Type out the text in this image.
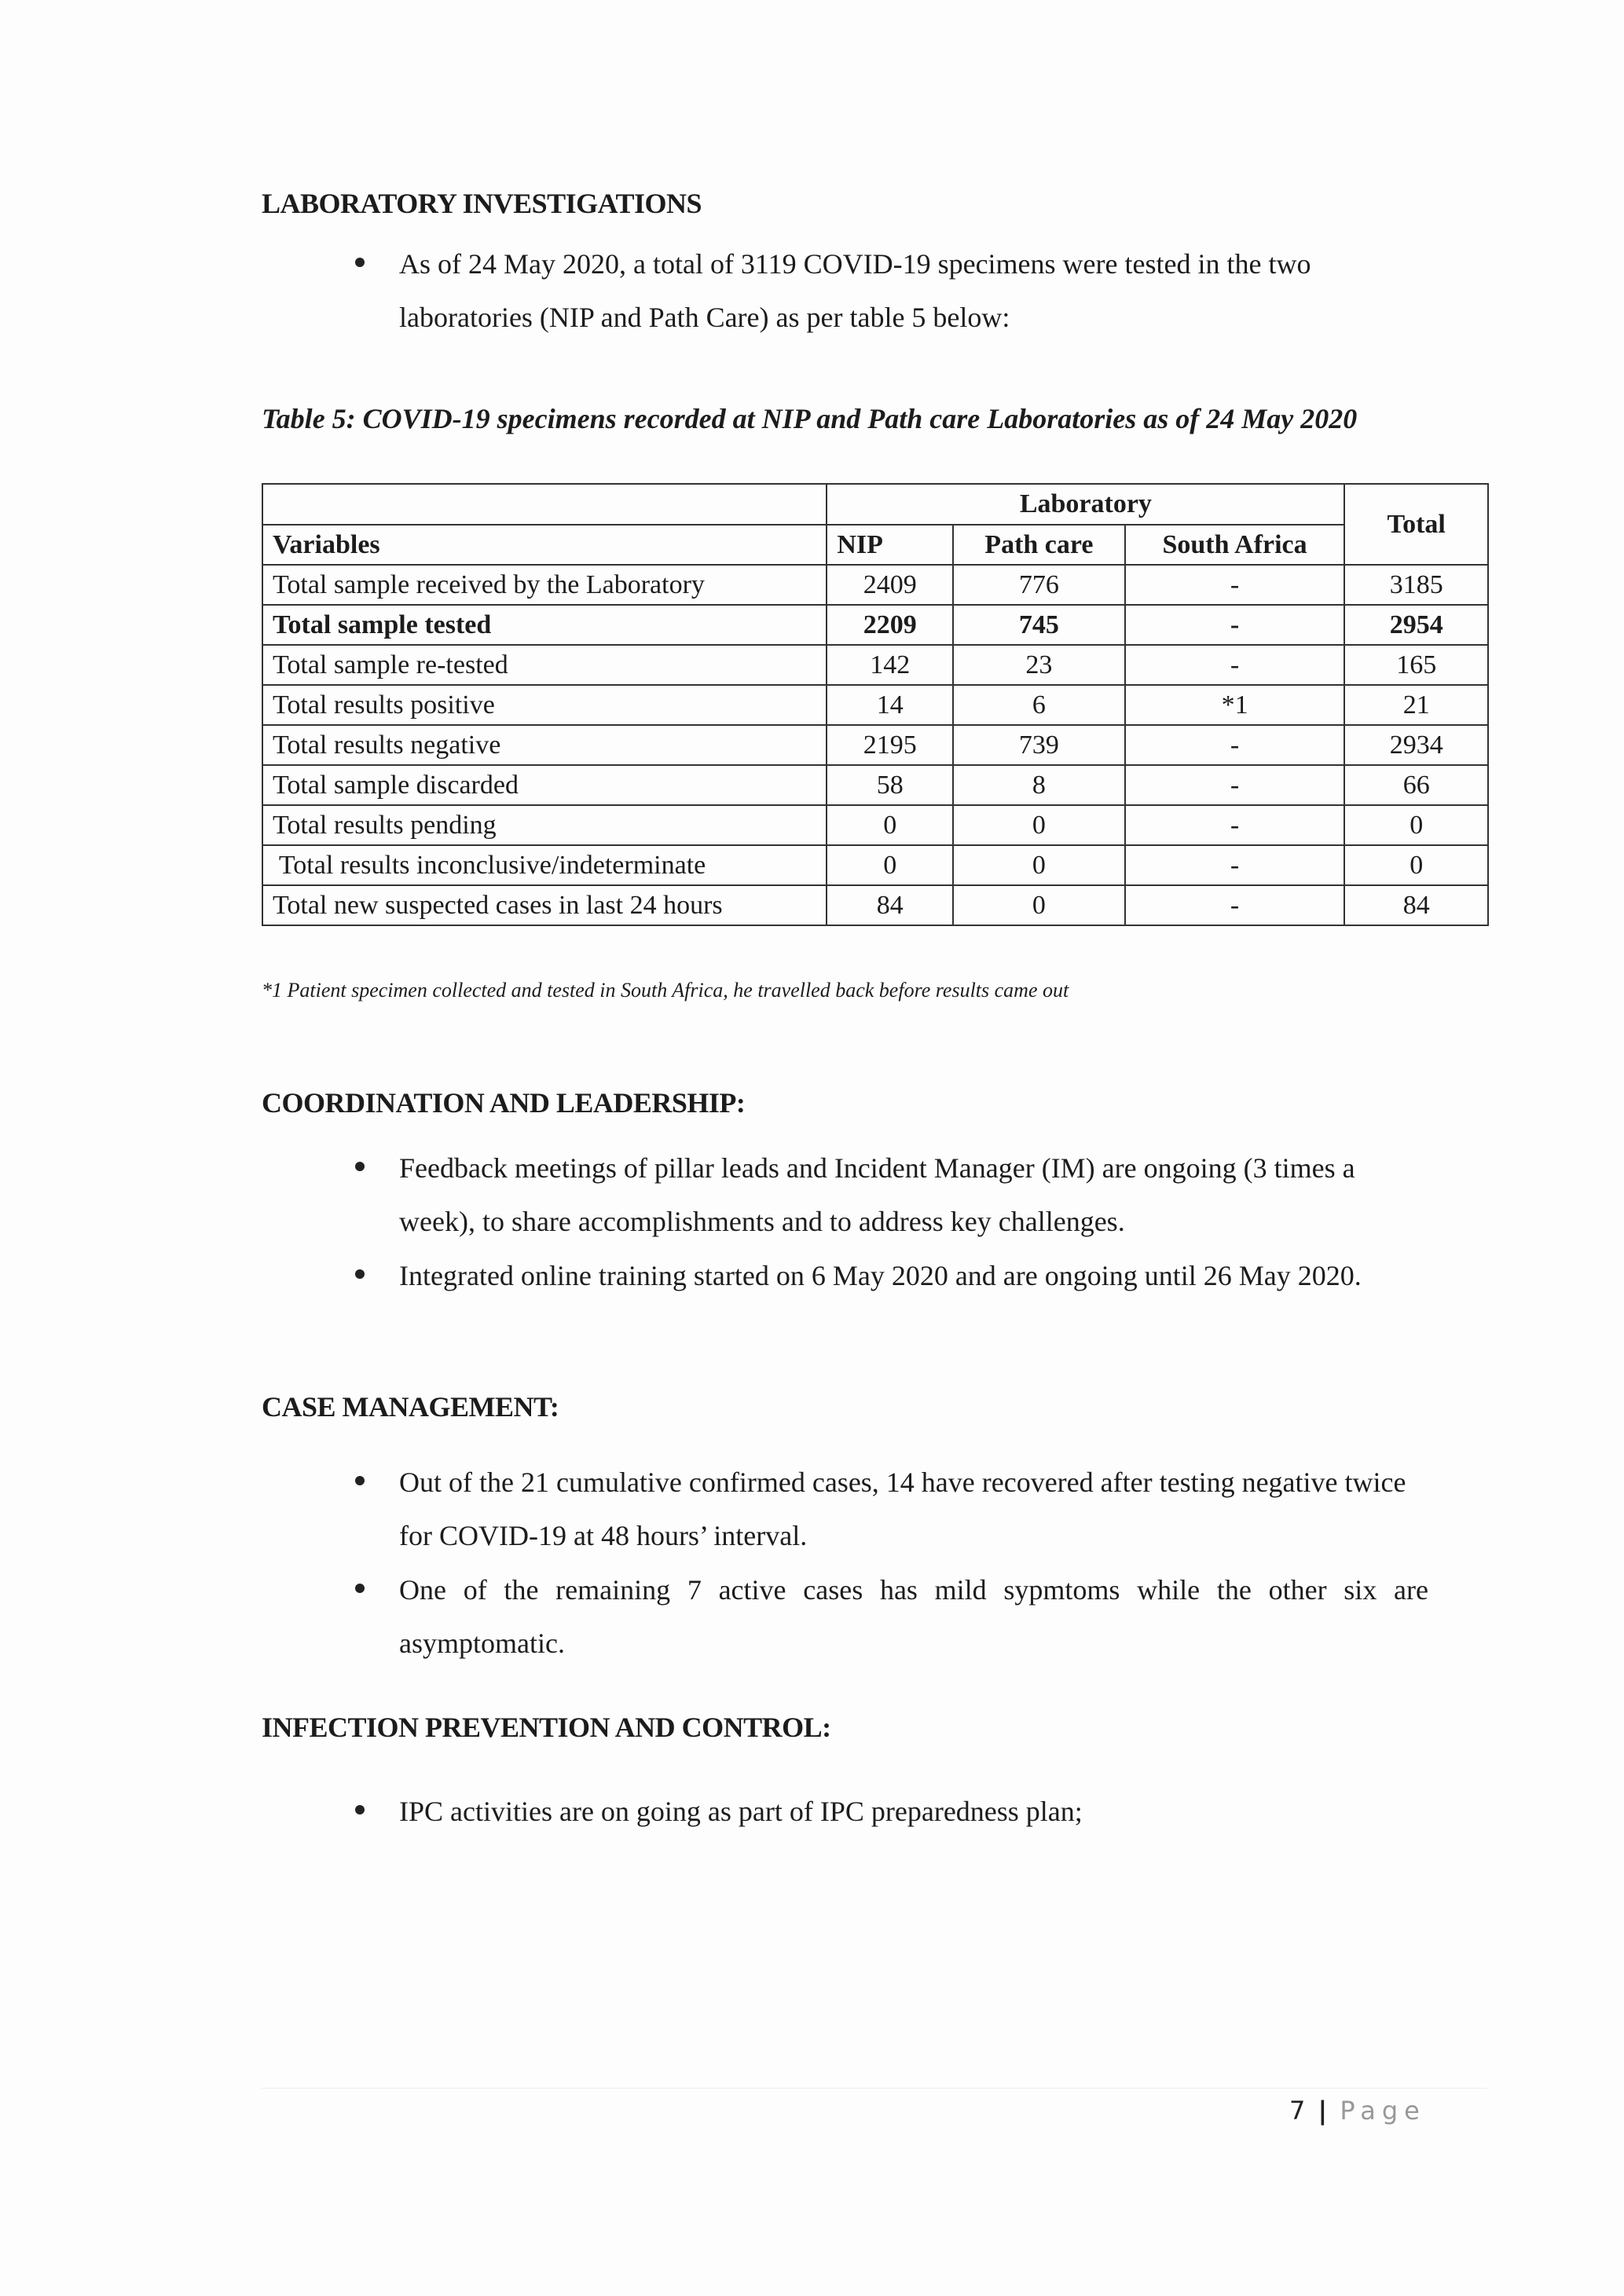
LABORATORY INVESTIGATIONS
As of 24 May 2020, a total of 3119 COVID-19 specimens were tested in the two laboratories (NIP and Path Care) as per table 5 below:
Table 5: COVID-19 specimens recorded at NIP and Path care Laboratories as of 24 May 2020
	Laboratory			Total
Variables	NIP	Path care	South Africa	
Total sample received by the Laboratory	2409	776	-	3185
Total sample tested	2209	745	-	2954
Total sample re-tested	142	23	-	165
Total results positive	14	6	*1	21
Total results negative	2195	739	-	2934
Total sample discarded	58	8	-	66
Total results pending	0	0	-	0
Total results inconclusive/indeterminate	0	0	-	0
Total new suspected cases in last 24 hours	84	0	-	84
*1 Patient specimen collected and tested in South Africa, he travelled back before results came out
COORDINATION AND LEADERSHIP:
Feedback meetings of pillar leads and Incident Manager (IM) are ongoing (3 times a week), to share accomplishments and to address key challenges.
Integrated online training started on 6 May 2020 and are ongoing until 26 May 2020.
CASE MANAGEMENT:
Out of the 21 cumulative confirmed cases, 14 have recovered after testing negative twice for COVID-19 at 48 hours’ interval.
One of the remaining 7 active cases has mild sypmtoms while the other six are asymptomatic.
INFECTION PREVENTION AND CONTROL:
IPC activities are on going as part of IPC preparedness plan;
7 | Page
